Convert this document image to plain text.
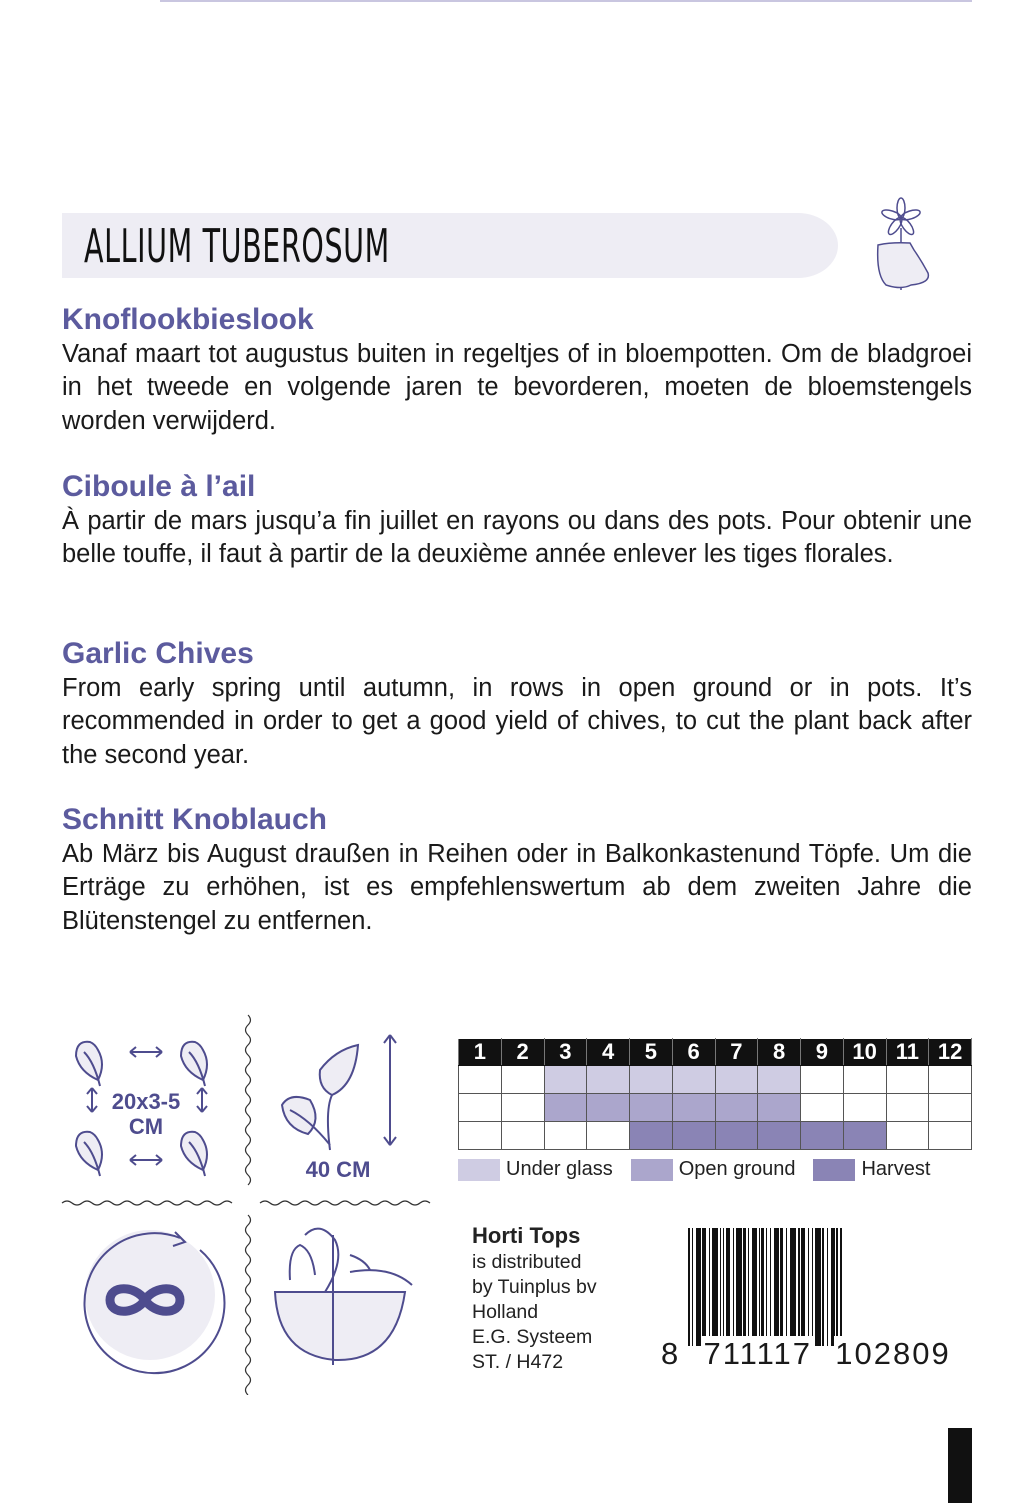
ALLIUM TUBEROSUM
Knoflookbieslook

Vanaf maart tot augustus buiten in regeltjes of in bloempotten. Om de bladgroei in het tweede en volgende jaren te bevorderen, moeten de bloemstengels worden verwijderd.

Ciboule à l’ail

À partir de mars jusqu’a fin juillet en rayons ou dans des pots. Pour obtenir une belle touffe, il faut à partir de la deuxième année enlever les tiges florales.

Garlic Chives

From early spring until autumn, in rows in open ground or in pots. It’s recommended in order to get a good yield of chives, to cut the plant back after the second year.

Schnitt Knoblauch

Ab März bis August draußen in Reihen oder in Balkonkastenund Töpfe. Um die Erträge zu erhöhen, ist es empfehlenswertum ab dem zweiten Jahre die Blütenstengel zu entfernen.

20x3-5
CM
40 CM
1	2	3	4	5	6	7	8	9	10	11	12

Under glass	Open ground	Harvest
Horti Tops
is distributed
by Tuinplus bv
Holland
E.G. Systeem
ST. / H472	8 711117 102809
